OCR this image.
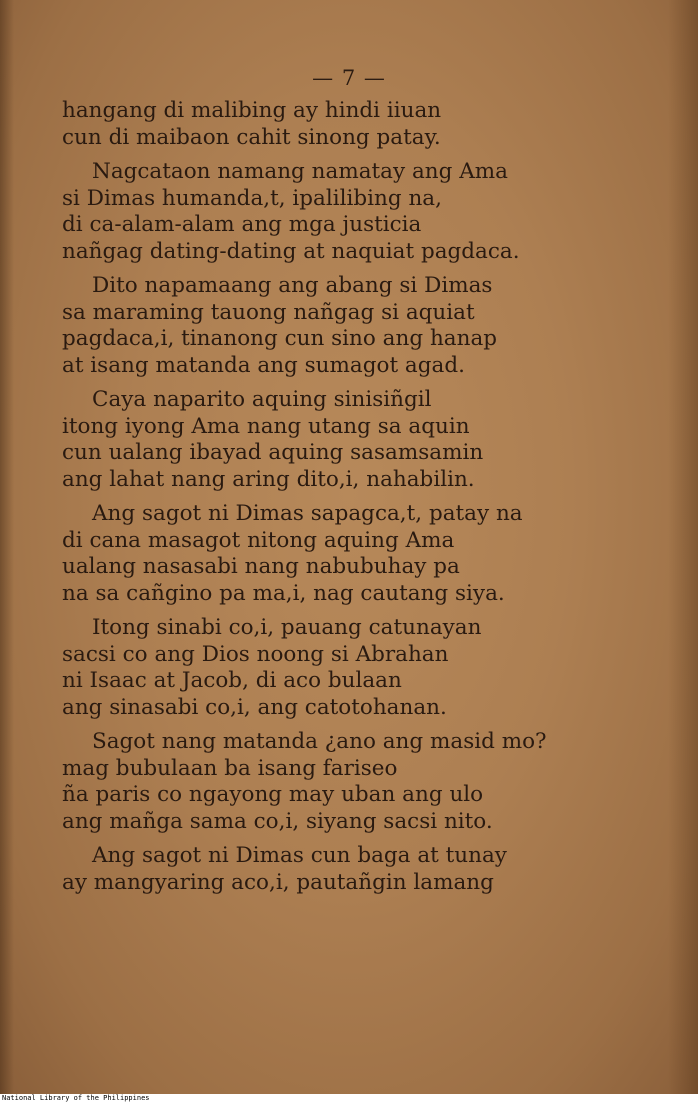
— 7 —
hangang di malibing ay hindi iiuan
cun di maibaon cahit sinong patay.
Nagcataon namang namatay ang Ama
si Dimas humanda,t, ipalilibing na,
di ca-alam-alam ang mga justicia
nañgag dating-dating at naquiat pagdaca.
Dito napamaang ang abang si Dimas
sa maraming tauong nañgag si aquiat
pagdaca,i, tinanong cun sino ang hanap
at isang matanda ang sumagot agad.
Caya naparito aquing sinisiñgil
itong iyong Ama nang utang sa aquin
cun ualang ibayad aquing sasamsamin
ang lahat nang aring dito,i, nahabilin.
Ang sagot ni Dimas sapagca,t, patay na
di cana masagot nitong aquing Ama
ualang nasasabi nang nabubuhay pa
na sa cañgino pa ma,i, nag cautang siya.
Itong sinabi co,i, pauang catunayan
sacsi co ang Dios noong si Abrahan
ni Isaac at Jacob, di aco bulaan
ang sinasabi co,i, ang catotohanan.
Sagot nang matanda ¿ano ang masid mo?
mag bubulaan ba isang fariseo
ña paris co ngayong may uban ang ulo
ang mañga sama co,i, siyang sacsi nito.
Ang sagot ni Dimas cun baga at tunay
ay mangyaring aco,i, pautañgin lamang
National Library of the Philippines
